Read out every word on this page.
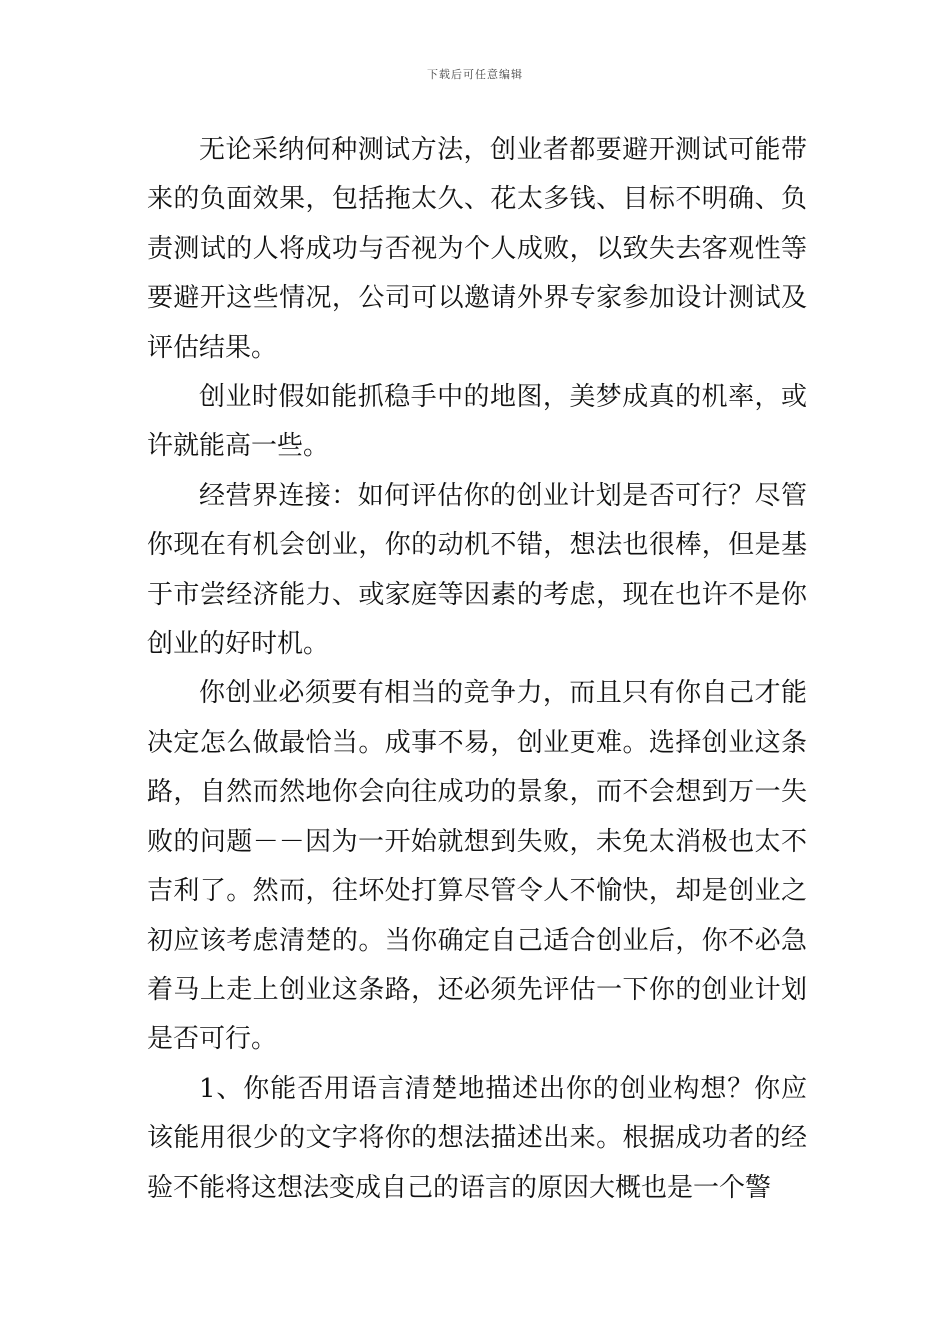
下载后可任意编辑

无论采纳何种测试方法，创业者都要避开测试可能带来的负面效果，包括拖太久、花太多钱、目标不明确、负责测试的人将成功与否视为个人成败，以致失去客观性等要避开这些情况，公司可以邀请外界专家参加设计测试及评估结果。

创业时假如能抓稳手中的地图，美梦成真的机率，或许就能高一些。

经营界连接：如何评估你的创业计划是否可行？尽管你现在有机会创业，你的动机不错，想法也很棒，但是基于市尝经济能力、或家庭等因素的考虑，现在也许不是你创业的好时机。

你创业必须要有相当的竞争力，而且只有你自己才能决定怎么做最恰当。成事不易，创业更难。选择创业这条路，自然而然地你会向往成功的景象，而不会想到万一失败的问题－－因为一开始就想到失败，未免太消极也太不吉利了。然而，往坏处打算尽管令人不愉快，却是创业之初应该考虑清楚的。当你确定自己适合创业后，你不必急着马上走上创业这条路，还必须先评估一下你的创业计划是否可行。

1、你能否用语言清楚地描述出你的创业构想？你应该能用很少的文字将你的想法描述出来。根据成功者的经验不能将这想法变成自己的语言的原因大概也是一个警
